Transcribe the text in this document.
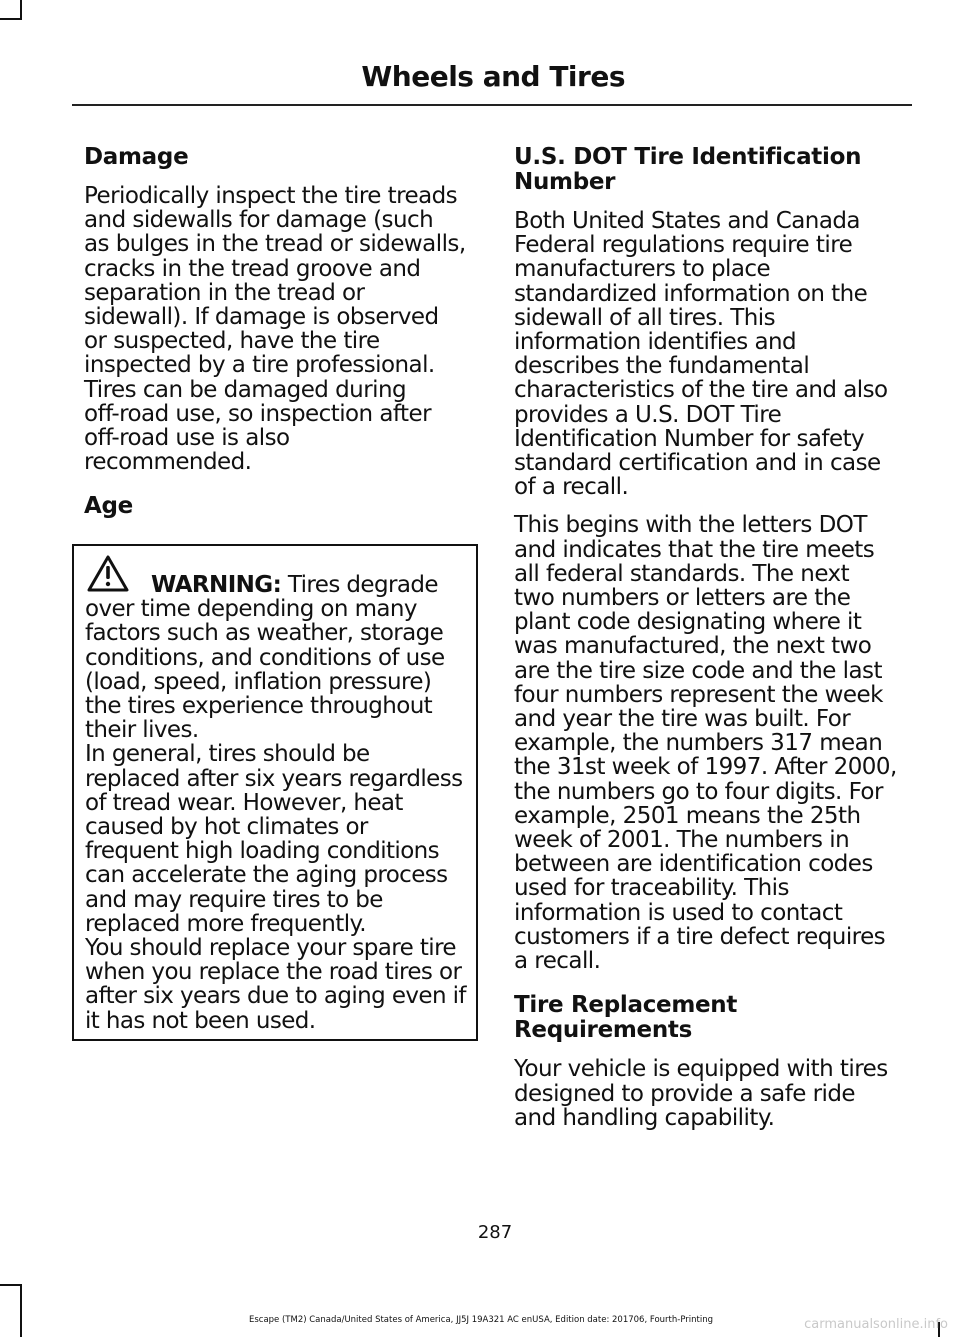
Wheels and Tires
Damage

Periodically inspect the tire treads
and sidewalls for damage (such
as bulges in the tread or sidewalls,
cracks in the tread groove and
separation in the tread or
sidewall). If damage is observed
or suspected, have the tire
inspected by a tire professional.
Tires can be damaged during
off-road use, so inspection after
off-road use is also
recommended.

Age

WARNING: Tires degrade
over time depending on many
factors such as weather, storage
conditions, and conditions of use
(load, speed, inflation pressure)
the tires experience throughout
their lives.
In general, tires should be
replaced after six years regardless
of tread wear. However, heat
caused by hot climates or
frequent high loading conditions
can accelerate the aging process
and may require tires to be
replaced more frequently.
You should replace your spare tire
when you replace the road tires or
after six years due to aging even if
it has not been used.

U.S. DOT Tire Identification
Number

Both United States and Canada
Federal regulations require tire
manufacturers to place
standardized information on the
sidewall of all tires. This
information identifies and
describes the fundamental
characteristics of the tire and also
provides a U.S. DOT Tire
Identification Number for safety
standard certification and in case
of a recall.

This begins with the letters DOT
and indicates that the tire meets
all federal standards. The next
two numbers or letters are the
plant code designating where it
was manufactured, the next two
are the tire size code and the last
four numbers represent the week
and year the tire was built. For
example, the numbers 317 mean
the 31st week of 1997. After 2000,
the numbers go to four digits. For
example, 2501 means the 25th
week of 2001. The numbers in
between are identification codes
used for traceability. This
information is used to contact
customers if a tire defect requires
a recall.

Tire Replacement
Requirements

Your vehicle is equipped with tires
designed to provide a safe ride
and handling capability.

287
Escape (TM2) Canada/United States of America, JJ5J 19A321 AC enUSA, Edition date: 201706, Fourth-Printing	carmanualsonline.info
